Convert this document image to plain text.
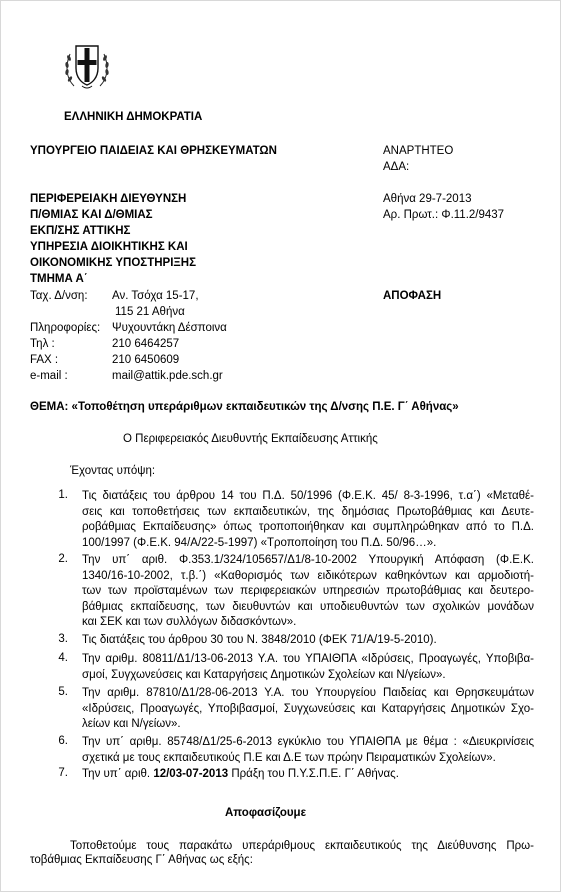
ΕΛΛΗΝΙΚΗ ΔΗΜΟΚΡΑΤΙΑ
ΥΠΟΥΡΓΕΙΟ ΠΑΙΔΕΙΑΣ ΚΑΙ ΘΡΗΣΚΕΥΜΑΤΩΝ	ΑΝΑΡΤΗΤΕΟ
ΑΔΑ:
ΠΕΡΙΦΕΡΕΙΑΚΗ ΔΙΕΥΘΥΝΣΗ
Π/ΘΜΙΑΣ ΚΑΙ Δ/ΘΜΙΑΣ
ΕΚΠ/ΣΗΣ ΑΤΤΙΚΗΣ
ΥΠΗΡΕΣΙΑ ΔΙΟΙΚΗΤΙΚΗΣ ΚΑΙ
ΟΙΚΟΝΟΜΙΚΗΣ ΥΠΟΣΤΗΡΙΞΗΣ
ΤΜΗΜΑ Α΄
Αθήνα 29-7-2013
Αρ. Πρωτ.: Φ.11.2/9437
ΑΠΟΦΑΣΗ
Ταχ. Δ/νση: Αν. Τσόχα 15-17,
115 21 Αθήνα
Πληροφορίες: Ψυχουντάκη Δέσποινα
Τηλ :	210 6464257
FAX :	210 6450609
e-mail :	mail@attik.pde.sch.gr
ΘΕΜΑ: «Τοποθέτηση υπεράριθμων εκπαιδευτικών της Δ/νσης Π.Ε. Γ΄ Αθήνας»
Ο Περιφερειακός Διευθυντής Εκπαίδευσης Αττικής
Έχοντας υπόψη:
1. Τις διατάξεις του άρθρου 14 του Π.Δ. 50/1996 (Φ.Ε.Κ. 45/ 8-3-1996, τ.α΄) «Μεταθέ-
σεις και τοποθετήσεις των εκπαιδευτικών, της δημόσιας Πρωτοβάθμιας και Δευτε-
ροβάθμιας Εκπαίδευσης» όπως τροποποιήθηκαν και συμπληρώθηκαν από το Π.Δ.
100/1997 (Φ.Ε.Κ. 94/Α/22-5-1997) «Τροποποίηση του Π.Δ. 50/96…».
2. Την υπ΄ αριθ. Φ.353.1/324/105657/Δ1/8-10-2002 Υπουργική Απόφαση (Φ.Ε.Κ.
1340/16-10-2002, τ.β.΄) «Καθορισμός των ειδικότερων καθηκόντων και αρμοδιοτή-
των των προϊσταμένων των περιφερειακών υπηρεσιών πρωτοβάθμιας και δευτερο-
βάθμιας εκπαίδευσης, των διευθυντών και υποδιευθυντών των σχολικών μονάδων
και ΣΕΚ και των συλλόγων διδασκόντων».
3. Τις διατάξεις του άρθρου 30 του Ν. 3848/2010 (ΦΕΚ 71/Α/19-5-2010).
4. Την αριθμ. 80811/Δ1/13-06-2013 Υ.Α. του ΥΠΑΙΘΠΑ «Ιδρύσεις, Προαγωγές, Υποβιβα-
σμοί, Συγχωνεύσεις και Καταργήσεις Δημοτικών Σχολείων και Ν/γείων».
5. Την αριθμ. 87810/Δ1/28-06-2013 Υ.Α. του Υπουργείου Παιδείας και Θρησκευμάτων
«Ιδρύσεις, Προαγωγές, Υποβιβασμοί, Συγχωνεύσεις και Καταργήσεις Δημοτικών Σχο-
λείων και Ν/γείων».
6. Την υπ΄ αριθμ. 85748/Δ1/25-6-2013 εγκύκλιο του ΥΠΑΙΘΠΑ με θέμα : «Διευκρινίσεις
σχετικά με τους εκπαιδευτικούς Π.Ε και Δ.Ε των πρώην Πειραματικών Σχολείων».
7. Την υπ΄ αριθ. 12/03-07-2013 Πράξη του Π.Υ.Σ.Π.Ε. Γ΄ Αθήνας.
Αποφασίζουμε
Τοποθετούμε τους παρακάτω υπεράριθμους εκπαιδευτικούς της Διεύθυνσης Πρω-
τοβάθμιας Εκπαίδευσης Γ΄ Αθήνας ως εξής:
